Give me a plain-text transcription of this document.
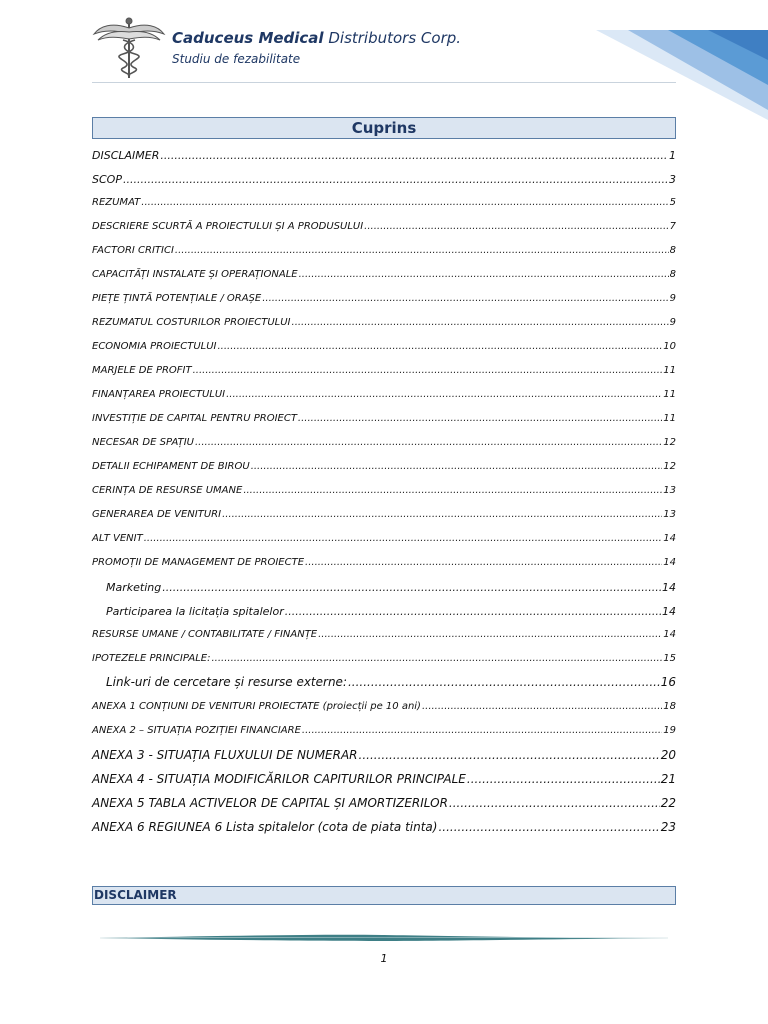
Caduceus Medical Distributors Corp.
Studiu de fezabilitate
Cuprins
DISCLAIMER .....	1
SCOP .....	3
REZUMAT .....	5
DESCRIERE SCURTĂ A PROIECTULUI ȘI A PRODUSULUI .....	7
FACTORI CRITICI .....	8
CAPACITĂȚI INSTALATE ȘI OPERAȚIONALE .....	8
PIEȚE ȚINTĂ POTENȚIALE / ORAȘE .....	9
REZUMATUL COSTURILOR PROIECTULUI .....	9
ECONOMIA PROIECTULUI .....	10
MARJELE DE PROFIT .....	11
FINANȚAREA PROIECTULUI .....	11
INVESTIȚIE DE CAPITAL PENTRU PROIECT .....	11
NECESAR DE SPAȚIU .....	12
DETALII ECHIPAMENT DE BIROU .....	12
CERINȚA DE RESURSE UMANE .....	13
GENERAREA DE VENITURI .....	13
ALT VENIT .....	14
PROMOȚII DE MANAGEMENT DE PROIECTE .....	14
Marketing .....	14
Participarea la licitația spitalelor .....	14
RESURSE UMANE / CONTABILITATE / FINANȚE .....	14
IPOTEZELE PRINCIPALE: .....	15
Link-uri de cercetare și resurse externe: .....	16
ANEXA 1 CONȚIUNI DE VENITURI PROIECTATE (proiecții pe 10 ani) .....	18
ANEXA 2 – SITUAȚIA POZIȚIEI FINANCIARE .....	19
ANEXA 3 - SITUAȚIA FLUXULUI DE NUMERAR .....	20
ANEXA 4 - SITUAȚIA MODIFICĂRILOR CAPITURILOR PRINCIPALE .....	21
ANEXA 5 TABLA ACTIVELOR DE CAPITAL ȘI AMORTIZERILOR .....	22
ANEXA 6 REGIUNEA 6 Lista spitalelor (cota de piata tinta) .....	23
DISCLAIMER
1
